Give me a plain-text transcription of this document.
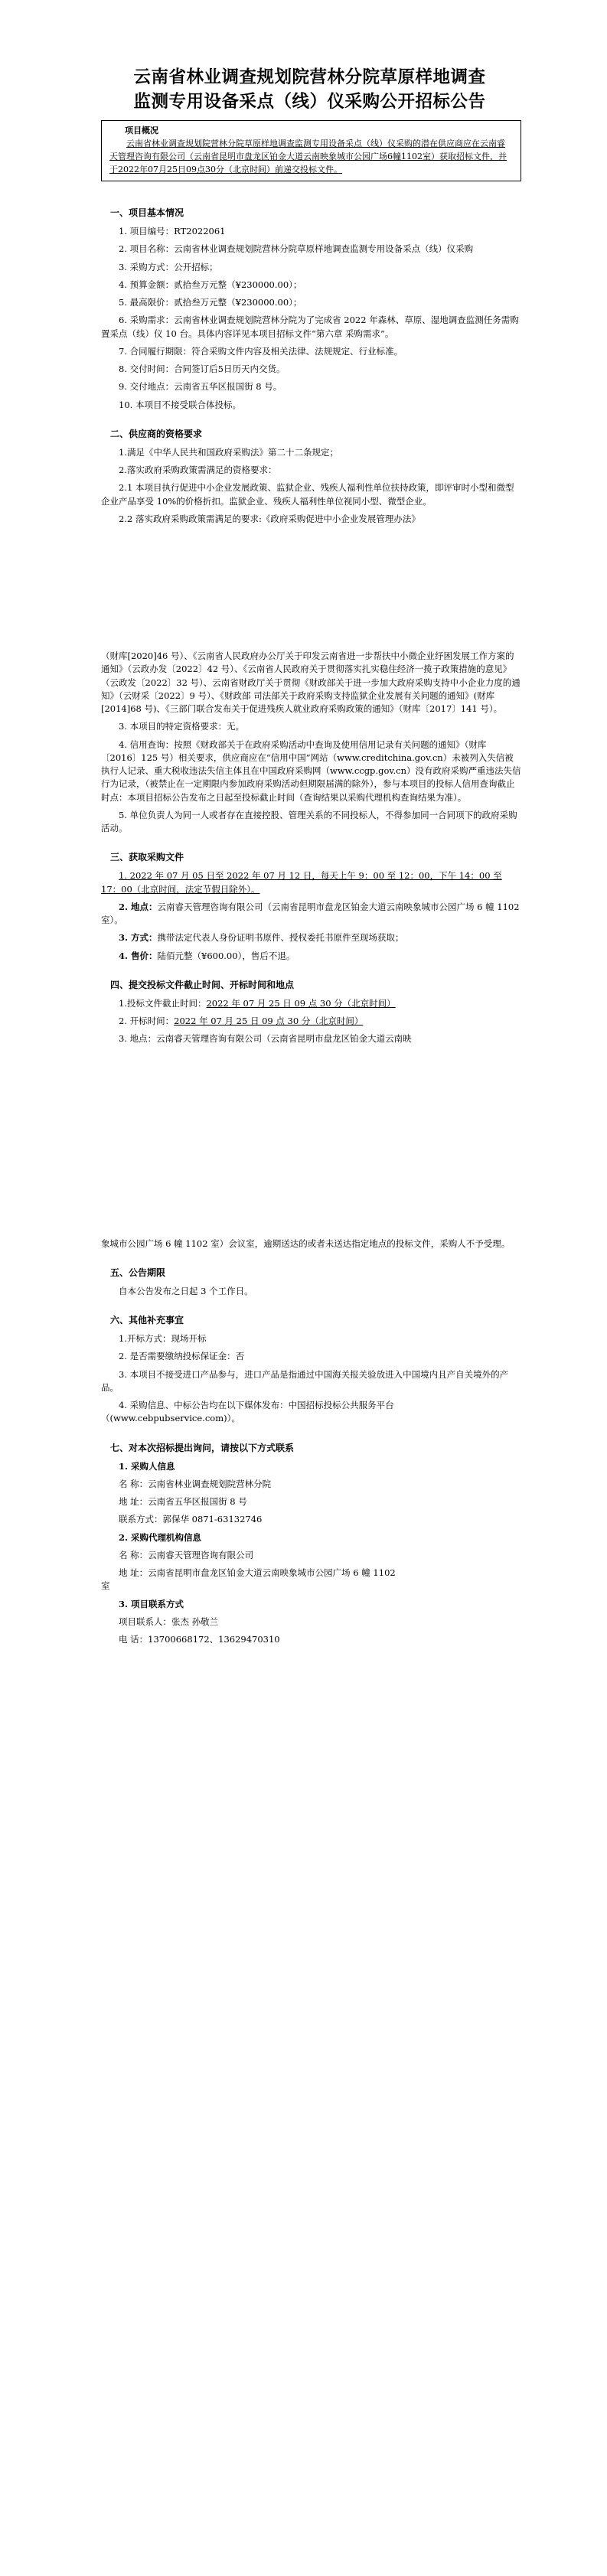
云南省林业调查规划院营林分院草原样地调查
监测专用设备采点（线）仪采购公开招标公告

项目概况

云南省林业调查规划院营林分院草原样地调查监测专用设备采点（线）仪采购的潜在供应商应在云南睿天管理咨询有限公司（云南省昆明市盘龙区铂金大道云南映象城市公园广场6幢1102室）获取招标文件，并于2022年07月25日09点30分（北京时间）前递交投标文件。

一、项目基本情况

1. 项目编号：RT2022061

2. 项目名称：云南省林业调查规划院营林分院草原样地调查监测专用设备采点（线）仪采购

3. 采购方式：公开招标；

4. 预算金额：贰拾叁万元整（¥230000.00）；

5. 最高限价：贰拾叁万元整（¥230000.00）；

6. 采购需求：云南省林业调查规划院营林分院为了完成省 2022 年森林、草原、湿地调查监测任务需购置采点（线）仪 10 台。具体内容详见本项目招标文件“第六章 采购需求”。

7. 合同履行期限：符合采购文件内容及相关法律、法规规定、行业标准。

8. 交付时间：合同签订后5日历天内交货。

9. 交付地点：云南省五华区报国街 8 号。

10. 本项目不接受联合体投标。

二、供应商的资格要求

1.满足《中华人民共和国政府采购法》第二十二条规定；

2.落实政府采购政策需满足的资格要求：

2.1 本项目执行促进中小企业发展政策、监狱企业、残疾人福利性单位扶持政策，即评审时小型和微型企业产品享受 10%的价格折扣。监狱企业、残疾人福利性单位视同小型、微型企业。

2.2 落实政府采购政策需满足的要求:《政府采购促进中小企业发展管理办法》

（财库[2020]46 号）、《云南省人民政府办公厅关于印发云南省进一步帮扶中小微企业纾困发展工作方案的通知》（云政办发〔2022〕42 号）、《云南省人民政府关于贯彻落实扎实稳住经济一揽子政策措施的意见》（云政发〔2022〕32 号）、云南省财政厅关于贯彻《财政部关于进一步加大政府采购支持中小企业力度的通知》（云财采〔2022〕9 号）、《财政部 司法部关于政府采购支持监狱企业发展有关问题的通知》(财库[2014]68 号)、《三部门联合发布关于促进残疾人就业政府采购政策的通知》（财库〔2017〕141 号）。

3. 本项目的特定资格要求：无。

4. 信用查询：按照《财政部关于在政府采购活动中查询及使用信用记录有关问题的通知》（财库〔2016〕125 号）相关要求，供应商应在“信用中国”网站（www.creditchina.gov.cn）未被列入失信被执行人记录、重大税收违法失信主体且在中国政府采购网（www.ccgp.gov.cn）没有政府采购严重违法失信行为记录，（被禁止在一定期限内参加政府采购活动但期限届满的除外），参与本项目的投标人信用查询截止时点：本项目招标公告发布之日起至投标截止时间（查询结果以采购代理机构查询结果为准）。

5. 单位负责人为同一人或者存在直接控股、管理关系的不同投标人，不得参加同一合同项下的政府采购活动。

三、获取采购文件

1. 2022 年 07 月 05 日至 2022 年 07 月 12 日，每天上午 9：00 至 12：00，下午 14：00 至 17：00（北京时间，法定节假日除外）。

2. 地点：云南睿天管理咨询有限公司（云南省昆明市盘龙区铂金大道云南映象城市公园广场 6 幢 1102 室）。

3. 方式：携带法定代表人身份证明书原件、授权委托书原件至现场获取；

4. 售价：陆佰元整（¥600.00），售后不退。

四、提交投标文件截止时间、开标时间和地点

1.投标文件截止时间：2022 年 07 月 25 日 09 点 30 分（北京时间）

2. 开标时间：2022 年 07 月 25 日 09 点 30 分（北京时间）

3. 地点：云南睿天管理咨询有限公司（云南省昆明市盘龙区铂金大道云南映

象城市公园广场 6 幢 1102 室）会议室，逾期送达的或者未送达指定地点的投标文件，采购人不予受理。

五、公告期限

自本公告发布之日起 3 个工作日。

六、其他补充事宜

1.开标方式：现场开标

2. 是否需要缴纳投标保证金：否

3. 本项目不接受进口产品参与，进口产品是指通过中国海关报关验放进入中国境内且产自关境外的产品。

4. 采购信息、中标公告均在以下媒体发布：中国招标投标公共服务平台（(www.cebpubservice.com)）。

七、对本次招标提出询问，请按以下方式联系

1. 采购人信息

名 称：云南省林业调查规划院营林分院

地 址：云南省五华区报国街 8 号

联系方式：郭保华 0871-63132746

2. 采购代理机构信息

名 称：云南睿天管理咨询有限公司

地 址：云南省昆明市盘龙区铂金大道云南映象城市公园广场 6 幢 1102

室

3. 项目联系方式

项目联系人：张杰 孙敬兰

电 话：13700668172、13629470310
